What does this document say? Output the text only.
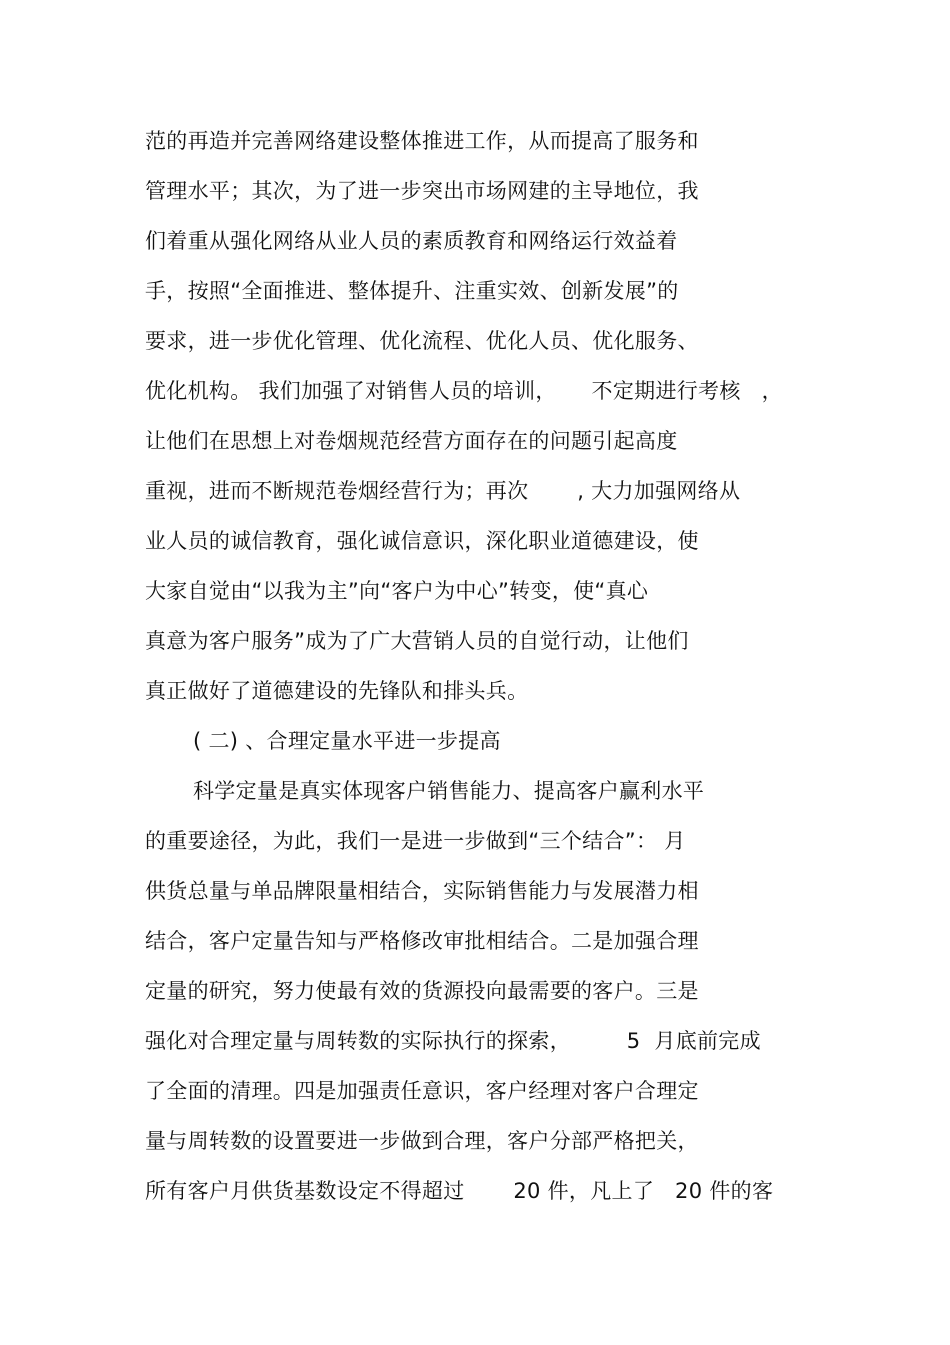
范的再造并完善网络建设整体推进工作，从而提高了服务和

管理水平；其次，为了进一步突出市场网建的主导地位，我

们着重从强化网络从业人员的素质教育和网络运行效益着

手，按照“全面推进、整体提升、注重实效、创新发展”的

要求，进一步优化管理、优化流程、优化人员、优化服务、

优化机构。 我们加强了对销售人员的培训，     不定期进行考核   ，

让他们在思想上对卷烟规范经营方面存在的问题引起高度

重视，进而不断规范卷烟经营行为；再次       , 大力加强网络从

业人员的诚信教育，强化诚信意识，深化职业道德建设，使

大家自觉由“以我为主”向“客户为中心”转变，使“真心

真意为客户服务”成为了广大营销人员的自觉行动，让他们

真正做好了道德建设的先锋队和排头兵。

( 二) 、合理定量水平进一步提高

科学定量是真实体现客户销售能力、提高客户赢利水平

的重要途径，为此，我们一是进一步做到“三个结合”： 月

供货总量与单品牌限量相结合，实际销售能力与发展潜力相

结合，客户定量告知与严格修改审批相结合。二是加强合理

定量的研究，努力使最有效的货源投向最需要的客户。三是

强化对合理定量与周转数的实际执行的探索，        5  月底前完成

了全面的清理。四是加强责任意识，客户经理对客户合理定

量与周转数的设置要进一步做到合理，客户分部严格把关，

所有客户月供货基数设定不得超过       20 件，凡上了   20 件的客
